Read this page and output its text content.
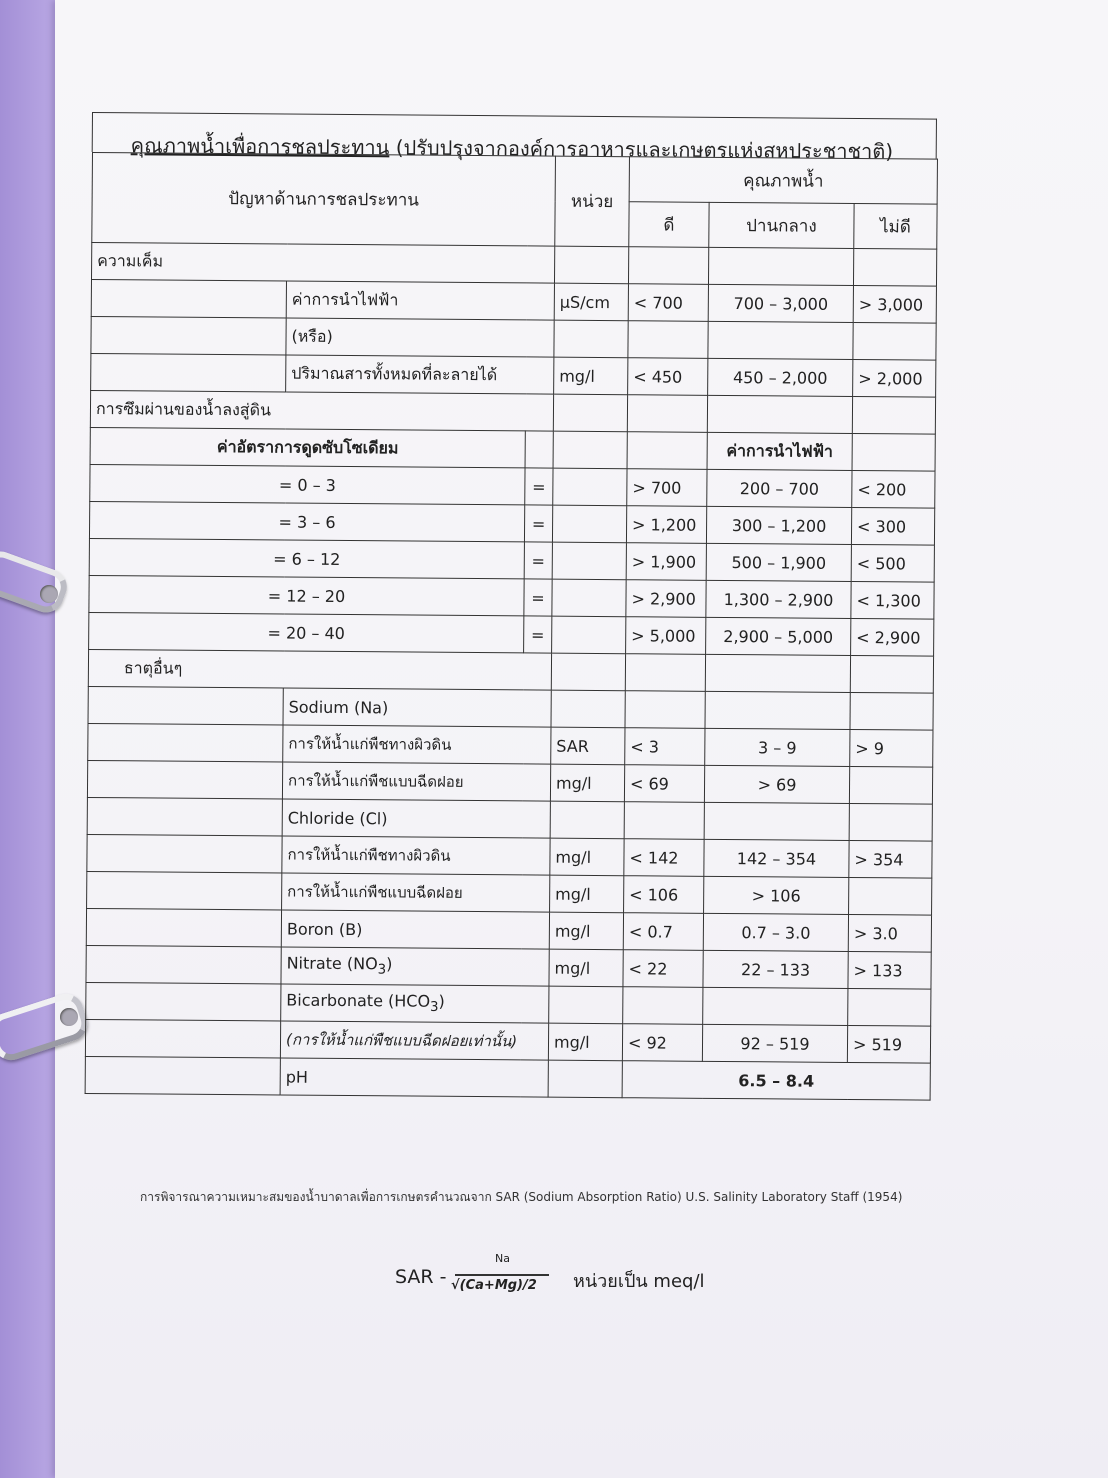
คุณภาพน้ำเพื่อการชลประทาน (ปรับปรุงจากองค์การอาหารและเกษตรแห่งสหประชาชาติ)
ปัญหาด้านการชลประทาน			หน่วย	คุณภาพน้ำ		
				ดี	ปานกลาง	ไม่ดี
ความเค็ม						
	ค่าการนำไฟฟ้า		µS/cm	< 700	700 – 3,000	> 3,000
	(หรือ)					
	ปริมาณสารทั้งหมดที่ละลายได้		mg/l	< 450	450 – 2,000	> 2,000
การซึมผ่านของน้ำลงสู่ดิน						
ค่าอัตราการดูดซับโซเดียม					ค่าการนำไฟฟ้า	
= 0 – 3		=		> 700	200 – 700	< 200
= 3 – 6		=		> 1,200	300 – 1,200	< 300
= 6 – 12		=		> 1,900	500 – 1,900	< 500
= 12 – 20		=		> 2,900	1,300 – 2,900	< 1,300
= 20 – 40		=		> 5,000	2,900 – 5,000	< 2,900
ธาตุอื่นๆ						
	Sodium (Na)					
	การให้น้ำแก่พืชทางผิวดิน		SAR	< 3	3 – 9	> 9
	การให้น้ำแก่พืชแบบฉีดฝอย		mg/l	< 69	> 69	
	Chloride (Cl)					
	การให้น้ำแก่พืชทางผิวดิน		mg/l	< 142	142 – 354	> 354
	การให้น้ำแก่พืชแบบฉีดฝอย		mg/l	< 106	> 106	
	Boron (B)		mg/l	< 0.7	0.7 – 3.0	> 3.0
	Nitrate $(NO_3)$		mg/l	< 22	22 – 133	> 133
	Bicarbonate $(HCO_3)$					
	(การให้น้ำแก่พืชแบบฉีดฝอยเท่านั้น)		mg/l	< 92	92 – 519	> 519
	pH			6.5 – 8.4		
การพิจารณาความเหมาะสมของน้ำบาดาลเพื่อการเกษตรคำนวณจาก SAR (Sodium Absorption Ratio) U.S. Salinity Laboratory Staff (1954)
SAR -
Na
√(Ca+Mg)/2 หน่วยเป็น meq/l
